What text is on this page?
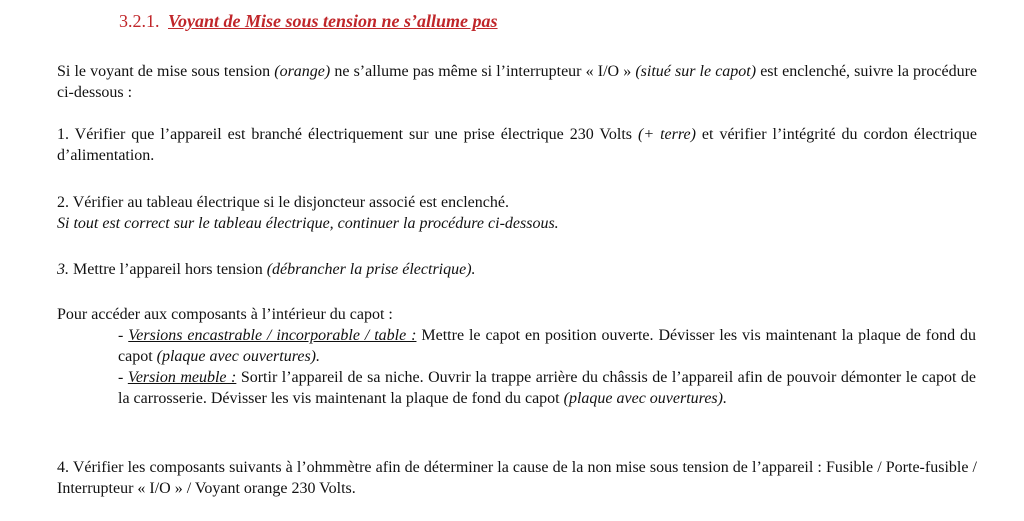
3.2.1. Voyant de Mise sous tension ne s’allume pas
Si le voyant de mise sous tension (orange) ne s’allume pas même si l’interrupteur « I/O » (situé sur le capot) est enclenché, suivre la procédure ci-dessous :
1. Vérifier que l’appareil est branché électriquement sur une prise électrique 230 Volts (+ terre) et vérifier l’intégrité du cordon électrique d’alimentation.
2. Vérifier au tableau électrique si le disjoncteur associé est enclenché.
Si tout est correct sur le tableau électrique, continuer la procédure ci-dessous.
3. Mettre l’appareil hors tension (débrancher la prise électrique).
Pour accéder aux composants à l’intérieur du capot :
- Versions encastrable / incorporable / table : Mettre le capot en position ouverte. Dévisser les vis maintenant la plaque de fond du capot (plaque avec ouvertures).
- Version meuble : Sortir l’appareil de sa niche. Ouvrir la trappe arrière du châssis de l’appareil afin de pouvoir démonter le capot de la carrosserie. Dévisser les vis maintenant la plaque de fond du capot (plaque avec ouvertures).
4. Vérifier les composants suivants à l’ohmmètre afin de déterminer la cause de la non mise sous tension de l’appareil : Fusible / Porte-fusible / Interrupteur « I/O » / Voyant orange 230 Volts.
